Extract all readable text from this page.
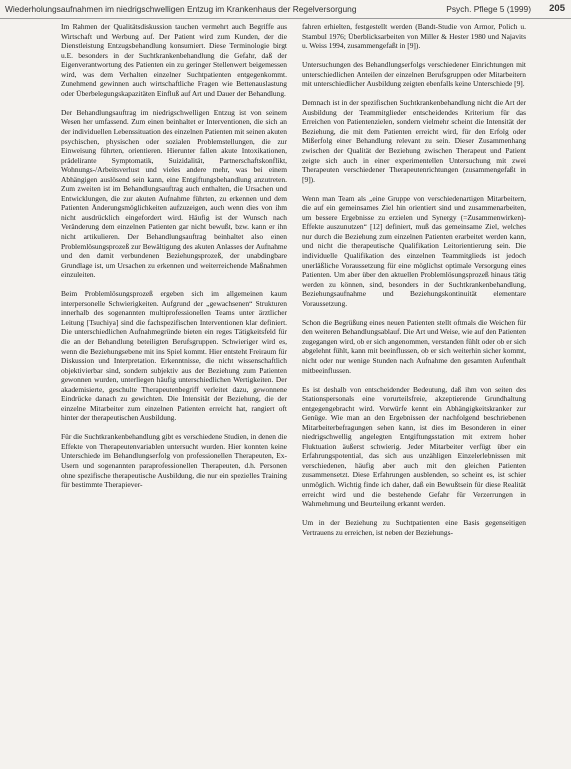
Wiederholungsaufnahmen im niedrigschwelligen Entzug im Krankenhaus der Regelversorgung	Psych. Pflege 5 (1999) 205

Im Rahmen der Qualitätsdiskussion tauchen vermehrt auch Begriffe aus Wirtschaft und Werbung auf. Der Patient wird zum Kunden, der die Dienstleistung Entzugsbehandlung konsumiert. Diese Terminologie birgt u.E. besonders in der Suchtkrankenbehandlung die Gefahr, daß der Eigenverantwortung des Patienten ein zu geringer Stellenwert beigemessen wird, was dem Verhalten einzelner Suchtpatienten entgegenkommt. Zunehmend gewinnen auch wirtschaftliche Fragen wie Bettenauslastung oder Überbelegungskapazitäten Einfluß auf Art und Dauer der Behandlung.

Der Behandlungsauftrag im niedrigschwelligen Entzug ist von seinem Wesen her umfassend. Zum einen beinhaltet er Interventionen, die sich an der individuellen Lebenssituation des einzelnen Patienten mit seinen akuten psychischen, physischen oder sozialen Problemstellungen, die zur Einweisung führten, orientieren. Hierunter fallen akute Intoxikationen, prädelirante Symptomatik, Suizidalität, Partnerschaftskonflikt, Wohnungs-/Arbeitsverlust und vieles andere mehr, was bei einem Abhängigen auslösend sein kann, eine Entgiftungsbehandlung anzutreten. Zum zweiten ist im Behandlungsauftrag auch enthalten, die Ursachen und Entwicklungen, die zur akuten Aufnahme führten, zu erkennen und dem Patienten Änderungsmöglichkeiten aufzuzeigen, auch wenn dies von ihm nicht ausdrücklich eingefordert wird. Häufig ist der Wunsch nach Veränderung dem einzelnen Patienten gar nicht bewußt, bzw. kann er ihn nicht artikulieren. Der Behandlungsauftrag beinhaltet also einen Problemlösungsprozeß zur Bewältigung des akuten Anlasses der Aufnahme und den damit verbundenen Beziehungsprozeß, der unabdingbare Grundlage ist, um Ursachen zu erkennen und weiterreichende Maßnahmen einzuleiten.

Beim Problemlösungsprozeß ergeben sich im allgemeinen kaum interpersonelle Schwierigkeiten. Aufgrund der „gewachsenen“ Strukturen innerhalb des sogenannten multiprofessionellen Teams unter ärztlicher Leitung [Tsuchiya] sind die fachspezifischen Interventionen klar definiert. Die unterschiedlichen Aufnahmegründe bieten ein reges Tätigkeitsfeld für die an der Behandlung beteiligten Berufsgruppen. Schwieriger wird es, wenn die Beziehungsebene mit ins Spiel kommt. Hier entsteht Freiraum für Diskussion und Interpretation. Erkenntnisse, die nicht wissenschaftlich objektivierbar sind, sondern subjektiv aus der Beziehung zum Patienten gewonnen wurden, unterliegen häufig unterschiedlichen Wertigkeiten. Der akademisierte, geschulte Therapeutenbegriff verleitet dazu, gewonnene Eindrücke danach zu gewichten. Die Intensität der Beziehung, die der einzelne Mitarbeiter zum einzelnen Patienten erreicht hat, rangiert oft hinter der therapeutischen Ausbildung.

Für die Suchtkrankenbehandlung gibt es verschiedene Studien, in denen die Effekte von Therapeutenvariablen untersucht wurden. Hier konnten keine Unterschiede im Behandlungserfolg von professionellen Therapeuten, Ex-Usern und sogenannten paraprofessionellen Therapeuten, d.h. Personen ohne spezifische therapeutische Ausbildung, die nur ein spezielles Training für bestimmte Therapiever-

fahren erhielten, festgestellt werden (Bandt-Studie von Armor, Polich u. Stambul 1976; Überblicksarbeiten von Miller & Hester 1980 und Najavits u. Weiss 1994, zusammengefaßt in [9]).

Untersuchungen des Behandlungserfolgs verschiedener Einrichtungen mit unterschiedlichen Anteilen der einzelnen Berufsgruppen oder Mitarbeitern mit unterschiedlicher Ausbildung zeigten ebenfalls keine Unterschiede [9].

Demnach ist in der spezifischen Suchtkrankenbehandlung nicht die Art der Ausbildung der Teammitglieder entscheidendes Kriterium für das Erreichen von Patientenzielen, sondern vielmehr scheint die Intensität der Beziehung, die mit dem Patienten erreicht wird, für den Erfolg oder Mißerfolg einer Behandlung relevant zu sein. Dieser Zusammenhang zwischen der Qualität der Beziehung zwischen Therapeut und Patient zeigte sich auch in einer experimentellen Untersuchung mit zwei Therapeuten verschiedener Therapeutenrichtungen (zusammengefaßt in [9]).

Wenn man Team als „eine Gruppe von verschiedenartigen Mitarbeitern, die auf ein gemeinsames Ziel hin orientiert sind und zusammenarbeiten, um bessere Ergebnisse zu erzielen und Synergy (=Zusammenwirken)-Effekte auszunutzen“ [12] definiert, muß das gemeinsame Ziel, welches nur durch die Beziehung zum einzelnen Patienten erarbeitet werden kann, und nicht die therapeutische Qualifikation Leitorientierung sein. Die individuelle Qualifikation des einzelnen Teammitglieds ist jedoch unerläßliche Voraussetzung für eine möglichst optimale Versorgung eines Patienten. Um aber über den aktuellen Problemlösungsprozeß hinaus tätig werden zu können, sind, besonders in der Suchtkrankenbehandlung, Beziehungsaufnahme und Beziehungskontinuität elementare Voraussetzung.

Schon die Begrüßung eines neuen Patienten stellt oftmals die Weichen für den weiteren Behandlungsablauf. Die Art und Weise, wie auf den Patienten zugegangen wird, ob er sich angenommen, verstanden fühlt oder ob er sich abgelehnt fühlt, kann mit beeinflussen, ob er sich weiterhin sicher kommt, nicht oder nur wenige Stunden nach Aufnahme den gesamten Aufenthalt mitbeeinflussen.

Es ist deshalb von entscheidender Bedeutung, daß ihm von seiten des Stationspersonals eine vorurteilsfreie, akzeptierende Grundhaltung entgegengebracht wird. Vorwürfe kennt ein Abhängigkeitskranker zur Genüge. Wie man an den Ergebnissen der nachfolgend beschriebenen Mitarbeiterbefragungen sehen kann, ist dies im Besonderen in einer niedrigschwellig angelegten Entgiftungsstation mit extrem hoher Fluktuation äußerst schwierig. Jeder Mitarbeiter verfügt über ein Erfahrungspotential, das sich aus unzähligen Einzelerlebnissen mit verschiedenen, häufig aber auch mit den gleichen Patienten zusammensetzt. Diese Erfahrungen ausblenden, so scheint es, ist schier unmöglich. Wichtig finde ich daher, daß ein Bewußtsein für diese Realität erreicht wird und die bestehende Gefahr für Verzerrungen in Wahrnehmung und Beurteilung erkannt werden.

Um in der Beziehung zu Suchtpatienten eine Basis gegenseitigen Vertrauens zu erreichen, ist neben der Beziehungs-
